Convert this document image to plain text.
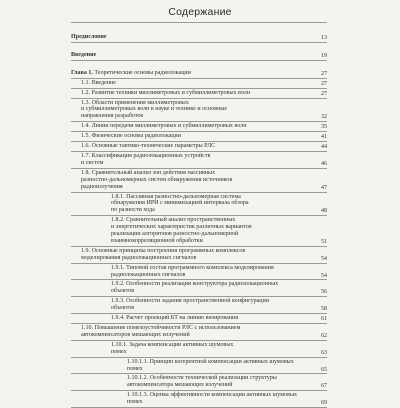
Содержание
Предисловие	13
Введение	19
Глава 1. Теоретические основы радиолокации	27
1.1. Введение	27
1.2. Развитие техники миллиметровых и субмиллиметровых волн	27
1.3. Области применения миллиметровых
и субмиллиметровых волн в науке и технике и основные
направления разработок	32
1.4. Линии передачи миллиметровых и субмиллиметровых волн	35
1.5. Физические основы радиолокации	41
1.6. Основные тактико-технические параметры РЛС	44
1.7. Классификация радиолокационных устройств
и систем	46
1.8. Сравнительный анализ зон действия пассивных
разностно-дальномерных систем обнаружения источников
радиоизлучения	47
1.8.1. Пассивная разностно-дальномерная система
обнаружения ИРИ с минимизацией интервала обзора
по разности хода	48
1.8.2. Сравнительный анализ пространственных
и энергетических характеристик различных вариантов
реализации алгоритмов разностно-дальномерной
взаимнокорреляционной обработки	51
1.9. Основные принципы построения программных комплексов
моделирования радиолокационных сигналов	54
1.9.1. Типовой состав программного комплекса моделирования
радиолокационных сигналов	54
1.9.2. Особенности реализации конструктора радиолокационных
объектов	56
1.9.3. Особенности задания пространственной конфигурации
объектов	58
1.9.4. Расчет проекций БТ на линию визирования	61
1.10. Повышение помехоустойчивости РЛС с использованием
автокомпенсаторов мешающих излучений	62
1.10.1. Задача компенсации активных шумовых
помех	63
1.10.1.1. Принцип когерентной компенсации активных шумовых
помех	65
1.10.1.2. Особенности технической реализации структуры
автокомпенсатора мешающих излучений	67
1.10.1.3. Оценка эффективности компенсации активных шумовых
помех	69
